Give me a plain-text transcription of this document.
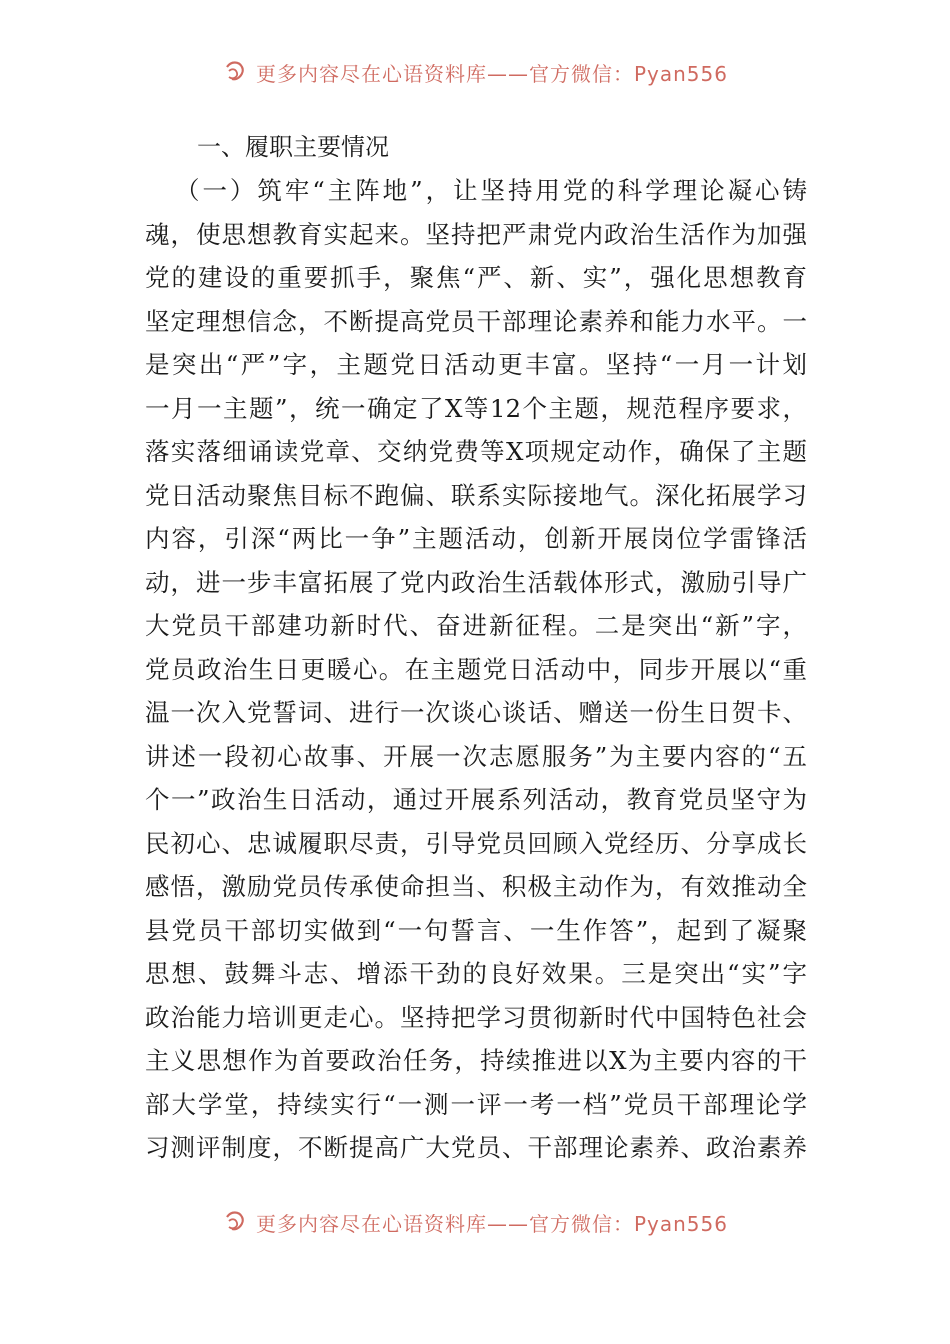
更多内容尽在心语资料库——官方微信：Pyan556
一、履职主要情况
（一）筑牢“主阵地”，让坚持用党的科学理论凝心铸
魂，使思想教育实起来。坚持把严肃党内政治生活作为加强
党的建设的重要抓手，聚焦“严、新、实”，强化思想教育
坚定理想信念，不断提高党员干部理论素养和能力水平。一
是突出“严”字，主题党日活动更丰富。坚持“一月一计划
一月一主题”，统一确定了X等12个主题，规范程序要求，
落实落细诵读党章、交纳党费等X项规定动作，确保了主题
党日活动聚焦目标不跑偏、联系实际接地气。深化拓展学习
内容，引深“两比一争”主题活动，创新开展岗位学雷锋活
动，进一步丰富拓展了党内政治生活载体形式，激励引导广
大党员干部建功新时代、奋进新征程。二是突出“新”字，
党员政治生日更暖心。在主题党日活动中，同步开展以“重
温一次入党誓词、进行一次谈心谈话、赠送一份生日贺卡、
讲述一段初心故事、开展一次志愿服务”为主要内容的“五
个一”政治生日活动，通过开展系列活动，教育党员坚守为
民初心、忠诚履职尽责，引导党员回顾入党经历、分享成长
感悟，激励党员传承使命担当、积极主动作为，有效推动全
县党员干部切实做到“一句誓言、一生作答”，起到了凝聚
思想、鼓舞斗志、增添干劲的良好效果。三是突出“实”字
政治能力培训更走心。坚持把学习贯彻新时代中国特色社会
主义思想作为首要政治任务，持续推进以X为主要内容的干
部大学堂，持续实行“一测一评一考一档”党员干部理论学
习测评制度，不断提高广大党员、干部理论素养、政治素养
更多内容尽在心语资料库——官方微信：Pyan556
